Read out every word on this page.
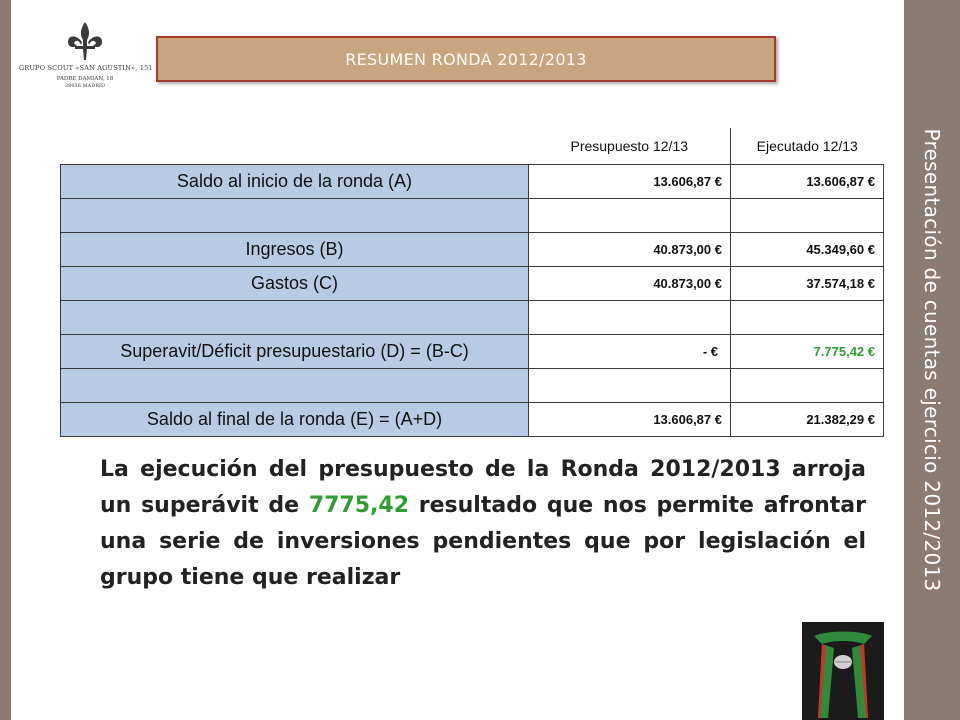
GRUPO SCOUT «SAN AGUSTIN», 151
PADRE DAMIAN, 18
28036 MADRID
RESUMEN RONDA 2012/2013
	Presupuesto 12/13	Ejecutado 12/13
Saldo al inicio de la ronda (A)	13.606,87 €	13.606,87 €

Ingresos (B)	40.873,00 €	45.349,60 €
Gastos (C)	40.873,00 €	37.574,18 €

Superavit/Déficit presupuestario (D) = (B-C)	- €	7.775,42 €

Saldo al final de la ronda (E) = (A+D)	13.606,87 €	21.382,29 €

La ejecución del presupuesto de la Ronda 2012/2013 arroja un superávit de 7775,42 resultado que nos permite afrontar una serie de inversiones pendientes que por legislación el grupo tiene que realizar	Presentación de cuentas ejercicio 2012/2013
